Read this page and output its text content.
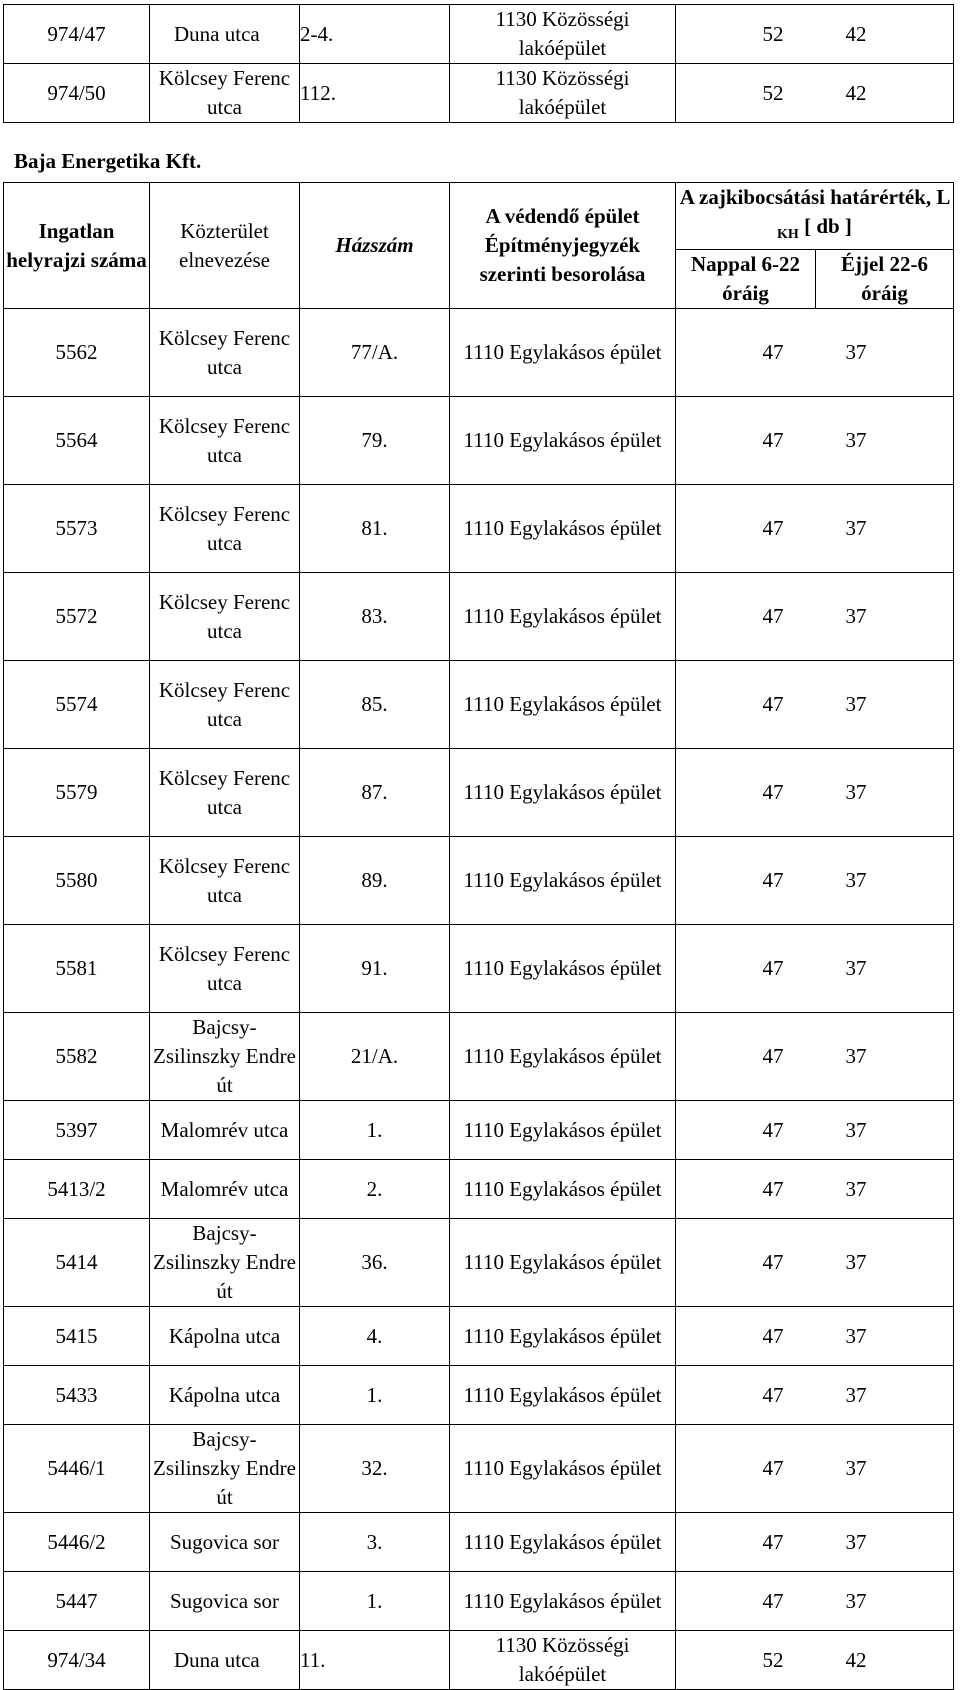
974/47	Duna utca	2-4.	1130 Közösségi lakóépület	52 42

974/50	Kölcsey Ferenc utca	112.	1130 Közösségi lakóépület	52 42
Baja Energetika Kft.
Ingatlan helyrajzi száma	Közterület elnevezése	Házszám	A védendő épület Építményjegyzék szerinti besorolása	A zajkibocsátási határérték, L $_{KH}$ [ db ]	
				Nappal 6-22 óráig	Éjjel 22-6 óráig
5562	Kölcsey Ferenc utca	77/A.	1110 Egylakásos épület	47 37	

5564	Kölcsey Ferenc utca	79.	1110 Egylakásos épület	47 37	

5573	Kölcsey Ferenc utca	81.	1110 Egylakásos épület	47 37	

5572	Kölcsey Ferenc utca	83.	1110 Egylakásos épület	47 37	

5574	Kölcsey Ferenc utca	85.	1110 Egylakásos épület	47 37	

5579	Kölcsey Ferenc utca	87.	1110 Egylakásos épület	47 37	

5580	Kölcsey Ferenc utca	89.	1110 Egylakásos épület	47 37	

5581	Kölcsey Ferenc utca	91.	1110 Egylakásos épület	47 37	

5582	Bajcsy-Zsilinszky Endre út	21/A.	1110 Egylakásos épület	47 37	

5397	Malomrév utca	1.	1110 Egylakásos épület	47 37	

5413/2	Malomrév utca	2.	1110 Egylakásos épület	47 37	

5414	Bajcsy-Zsilinszky Endre út	36.	1110 Egylakásos épület	47 37	

5415	Kápolna utca	4.	1110 Egylakásos épület	47 37	

5433	Kápolna utca	1.	1110 Egylakásos épület	47 37	

5446/1	Bajcsy-Zsilinszky Endre út	32.	1110 Egylakásos épület	47 37	

5446/2	Sugovica sor	3.	1110 Egylakásos épület	47 37	

5447	Sugovica sor	1.	1110 Egylakásos épület	47 37	

974/34	Duna utca	11.	1130 Közösségi lakóépület	52 42	
